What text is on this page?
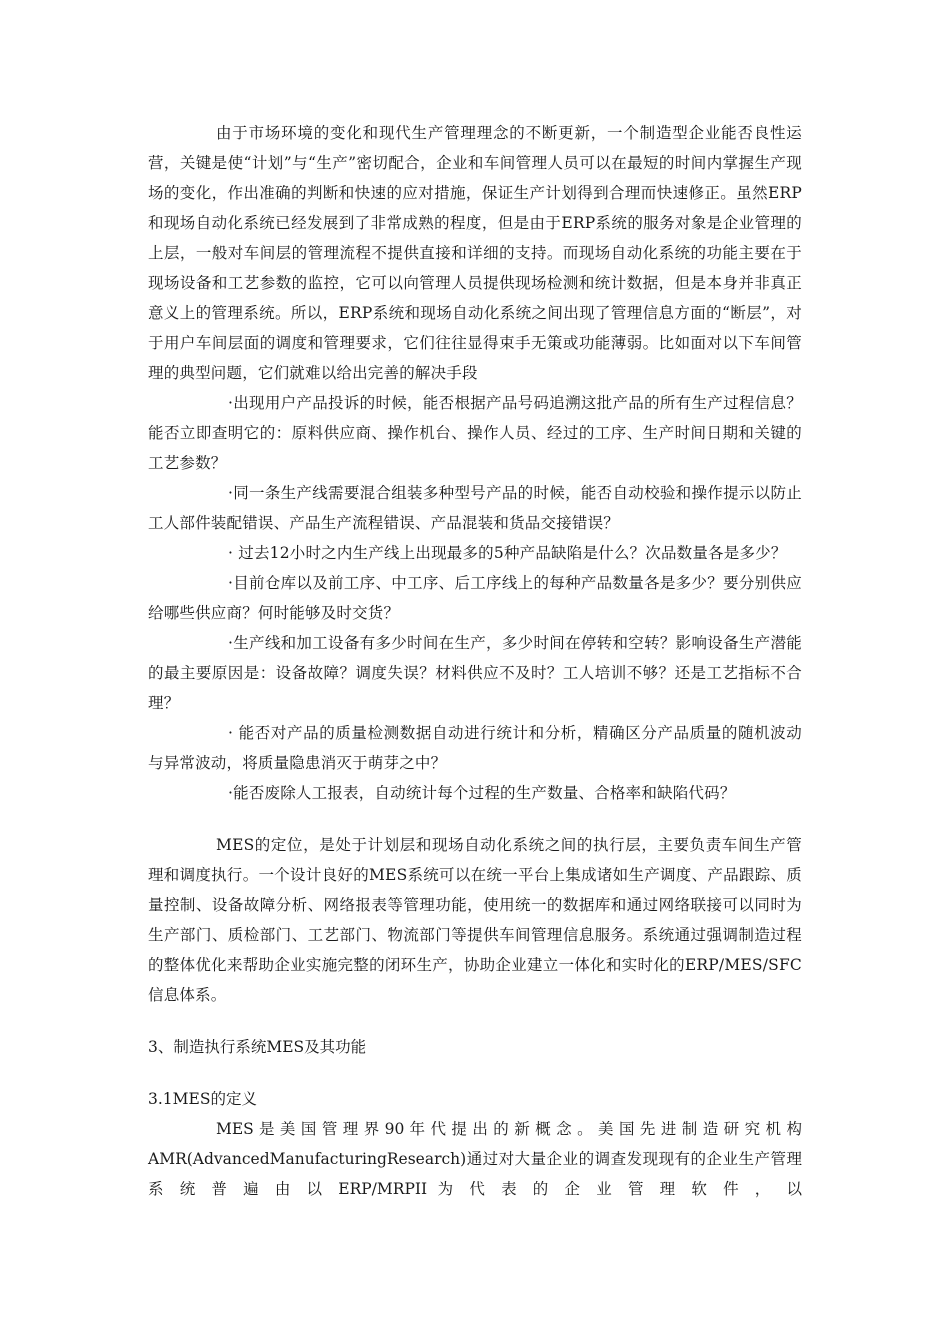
由于市场环境的变化和现代生产管理理念的不断更新，一个制造型企业能否良性运营，关键是使“计划”与“生产”密切配合，企业和车间管理人员可以在最短的时间内掌握生产现场的变化，作出准确的判断和快速的应对措施，保证生产计划得到合理而快速修正。虽然ERP和现场自动化系统已经发展到了非常成熟的程度，但是由于ERP系统的服务对象是企业管理的上层，一般对车间层的管理流程不提供直接和详细的支持。而现场自动化系统的功能主要在于现场设备和工艺参数的监控，它可以向管理人员提供现场检测和统计数据，但是本身并非真正意义上的管理系统。所以，ERP系统和现场自动化系统之间出现了管理信息方面的“断层”，对于用户车间层面的调度和管理要求，它们往往显得束手无策或功能薄弱。比如面对以下车间管理的典型问题，它们就难以给出完善的解决手段

·出现用户产品投诉的时候，能否根据产品号码追溯这批产品的所有生产过程信息？能否立即查明它的：原料供应商、操作机台、操作人员、经过的工序、生产时间日期和关键的工艺参数？

·同一条生产线需要混合组装多种型号产品的时候，能否自动校验和操作提示以防止工人部件装配错误、产品生产流程错误、产品混装和货品交接错误？

· 过去12小时之内生产线上出现最多的5种产品缺陷是什么？次品数量各是多少？

·目前仓库以及前工序、中工序、后工序线上的每种产品数量各是多少？要分别供应给哪些供应商？何时能够及时交货？

·生产线和加工设备有多少时间在生产，多少时间在停转和空转？影响设备生产潜能的最主要原因是：设备故障？调度失误？材料供应不及时？工人培训不够？还是工艺指标不合理？

· 能否对产品的质量检测数据自动进行统计和分析，精确区分产品质量的随机波动与异常波动，将质量隐患消灭于萌芽之中？

·能否废除人工报表，自动统计每个过程的生产数量、合格率和缺陷代码？

MES的定位，是处于计划层和现场自动化系统之间的执行层，主要负责车间生产管理和调度执行。一个设计良好的MES系统可以在统一平台上集成诸如生产调度、产品跟踪、质量控制、设备故障分析、网络报表等管理功能，使用统一的数据库和通过网络联接可以同时为生产部门、质检部门、工艺部门、物流部门等提供车间管理信息服务。系统通过强调制造过程的整体优化来帮助企业实施完整的闭环生产，协助企业建立一体化和实时化的ERP/MES/SFC信息体系。

3、制造执行系统MES及其功能

3.1MES的定义

MES 是 美 国 管 理 界 90 年 代 提 出 的 新 概 念 。 美 国 先 进 制 造 研 究 机 构

AMR(AdvancedManufacturingResearch)通过对大量企业的调查发现现有的企业生产管理

系 统 普 遍 由 以 ERP/MRPII 为 代 表 的 企 业 管 理 软 件 ， 以
